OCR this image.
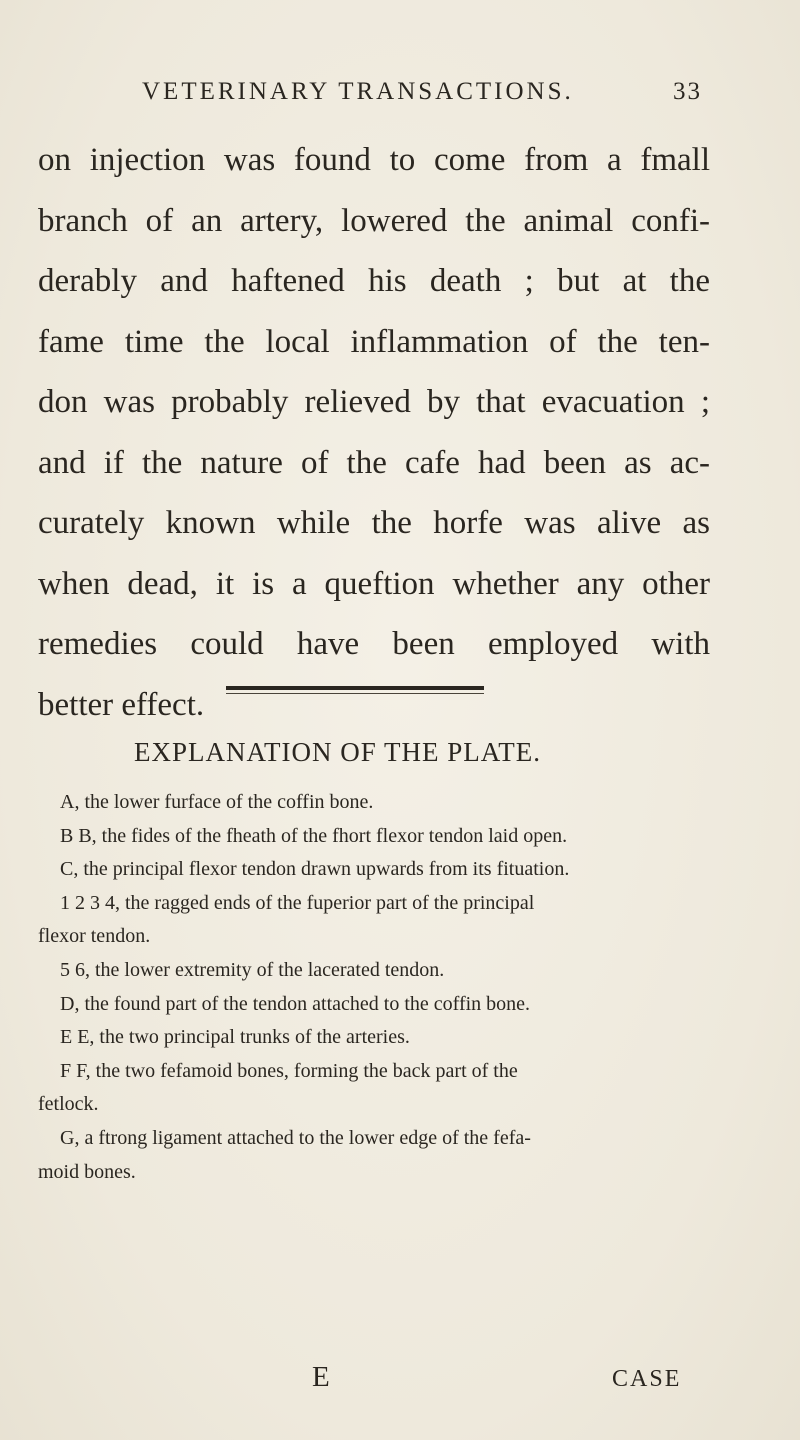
VETERINARY TRANSACTIONS.	33

on injection was found to come from a fmall
branch of an artery, lowered the animal confi-
derably and haftened his death ; but at the
fame time the local inflammation of the ten-
don was probably relieved by that evacuation ;
and if the nature of the cafe had been as ac-
curately known while the horfe was alive as
when dead, it is a queftion whether any other
remedies could have been employed with
better effect.

EXPLANATION OF THE PLATE.
A, the lower furface of the coffin bone.
B B, the fides of the fheath of the fhort flexor tendon laid open.
C, the principal flexor tendon drawn upwards from its fituation.
1 2 3 4, the ragged ends of the fuperior part of the principal
flexor tendon.
5 6, the lower extremity of the lacerated tendon.
D, the found part of the tendon attached to the coffin bone.
E E, the two principal trunks of the arteries.
F F, the two fefamoid bones, forming the back part of the
fetlock.
G, a ftrong ligament attached to the lower edge of the fefa-
moid bones.
E	CASE
